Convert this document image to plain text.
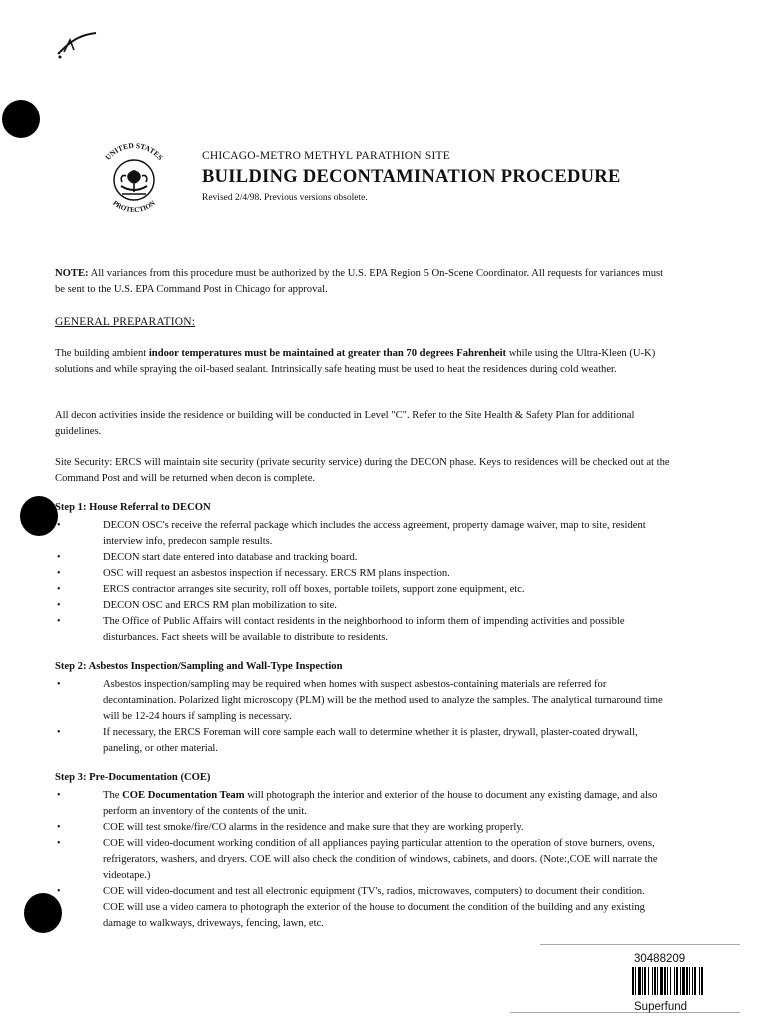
UNITED STATES
PROTECTION
CHICAGO-METRO METHYL PARATHION SITE
BUILDING DECONTAMINATION PROCEDURE
Revised 2/4/98. Previous versions obsolete.
NOTE: All variances from this procedure must be authorized by the U.S. EPA Region 5 On-Scene Coordinator. All requests for variances must be sent to the U.S. EPA Command Post in Chicago for approval.
GENERAL PREPARATION:
The building ambient indoor temperatures must be maintained at greater than 70 degrees Fahrenheit while using the Ultra-Kleen (U-K) solutions and while spraying the oil-based sealant. Intrinsically safe heating must be used to heat the residences during cold weather.
All decon activities inside the residence or building will be conducted in Level "C". Refer to the Site Health & Safety Plan for additional guidelines.
Site Security: ERCS will maintain site security (private security service) during the DECON phase. Keys to residences will be checked out at the Command Post and will be returned when decon is complete.
Step 1: House Referral to DECON
• DECON OSC's receive the referral package which includes the access agreement, property damage waiver, map to site, resident interview info, predecon sample results.
• DECON start date entered into database and tracking board.
• OSC will request an asbestos inspection if necessary. ERCS RM plans inspection.
• ERCS contractor arranges site security, roll off boxes, portable toilets, support zone equipment, etc.
• DECON OSC and ERCS RM plan mobilization to site.
• The Office of Public Affairs will contact residents in the neighborhood to inform them of impending activities and possible disturbances. Fact sheets will be available to distribute to residents.
Step 2: Asbestos Inspection/Sampling and Wall-Type Inspection
• Asbestos inspection/sampling may be required when homes with suspect asbestos-containing materials are referred for decontamination. Polarized light microscopy (PLM) will be the method used to analyze the samples. The analytical turnaround time will be 12-24 hours if sampling is necessary.
• If necessary, the ERCS Foreman will core sample each wall to determine whether it is plaster, drywall, plaster-coated drywall, paneling, or other material.
Step 3: Pre-Documentation (COE)
• The COE Documentation Team will photograph the interior and exterior of the house to document any existing damage, and also perform an inventory of the contents of the unit.
• COE will test smoke/fire/CO alarms in the residence and make sure that they are working properly.
• COE will video-document working condition of all appliances paying particular attention to the operation of stove burners, ovens, refrigerators, washers, and dryers. COE will also check the condition of windows, cabinets, and doors. (Note:,COE will narrate the videotape.)
• COE will video-document and test all electronic equipment (TV's, radios, microwaves, computers) to document their condition.
• COE will use a video camera to photograph the exterior of the house to document the condition of the building and any existing damage to walkways, driveways, fencing, lawn, etc.
30488209
Superfund
